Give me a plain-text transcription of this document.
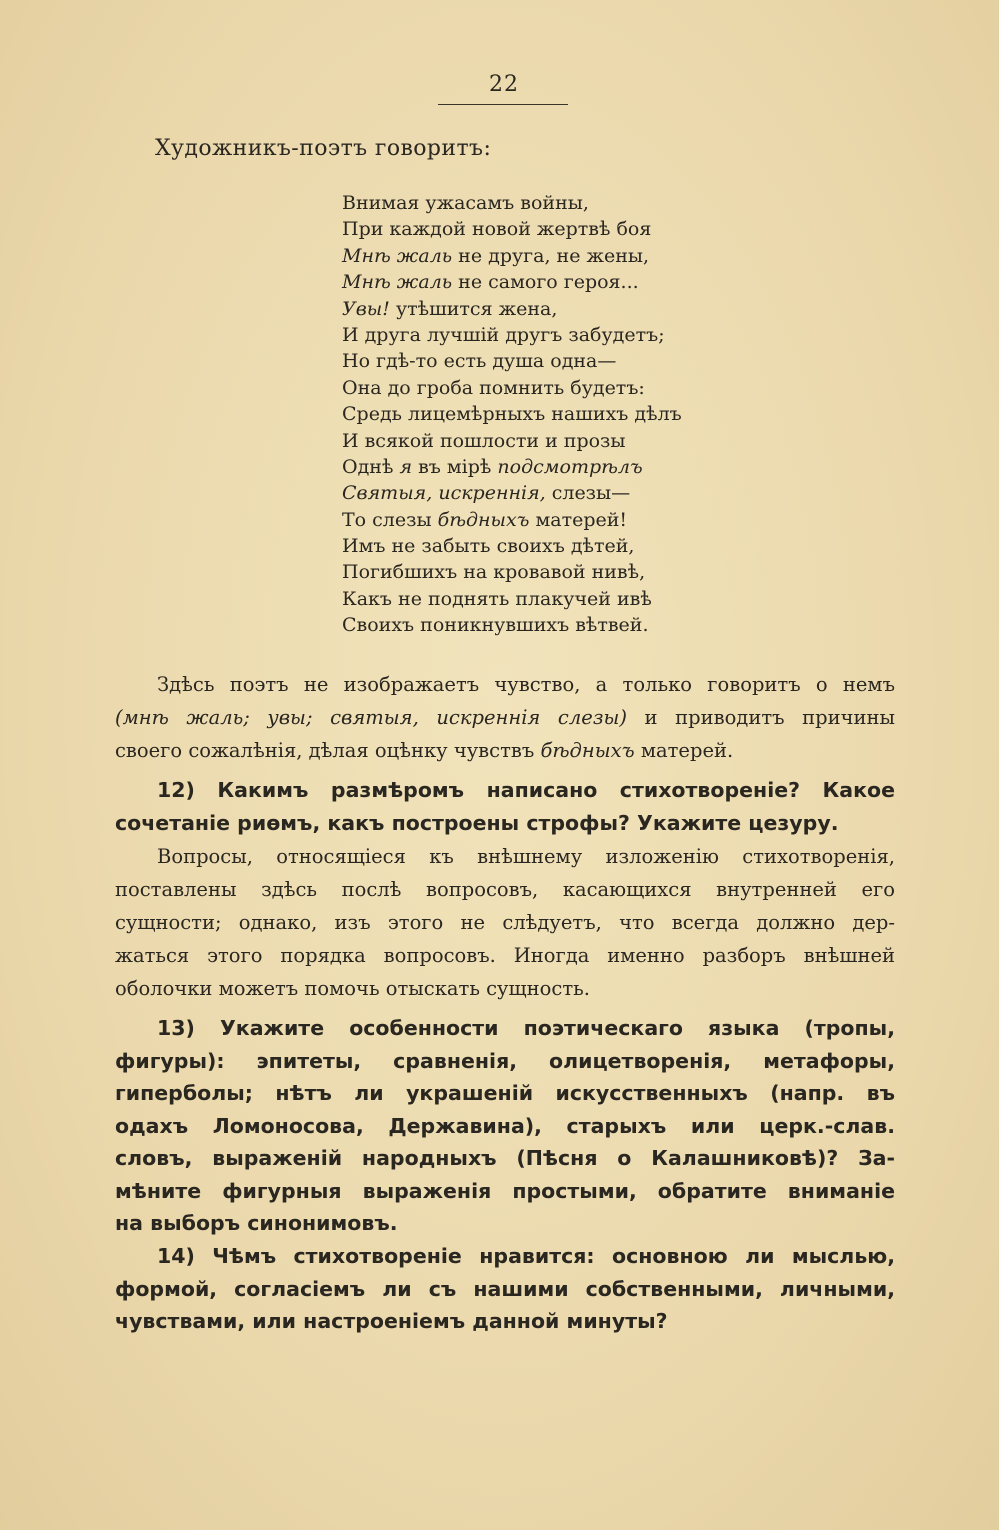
22
Художникъ-поэтъ говоритъ:
Внимая ужасамъ войны,
При каждой новой жертвѣ боя
Мнѣ жаль не друга, не жены,
Мнѣ жаль не самого героя...
Увы! утѣшится жена,
И друга лучшій другъ забудетъ;
Но гдѣ-то есть душа одна—
Она до гроба помнить будетъ:
Средь лицемѣрныхъ нашихъ дѣлъ
И всякой пошлости и прозы
Однѣ я въ мірѣ подсмотрѣлъ
Святыя, искреннія, слезы—
То слезы бѣдныхъ матерей!
Имъ не забыть своихъ дѣтей,
Погибшихъ на кровавой нивѣ,
Какъ не поднять плакучей ивѣ
Своихъ поникнувшихъ вѣтвей.
Здѣсь поэтъ не изображаетъ чувство, а только говоритъ о немъ
(мнѣ жаль; увы; святыя, искреннія слезы) и приводитъ причины
своего сожалѣнія, дѣлая оцѣнку чувствъ бѣдныхъ матерей.
12) Какимъ размѣромъ написано стихотвореніе? Какое
сочетаніе риѳмъ, какъ построены строфы? Укажите цезуру.
Вопросы, относящіеся къ внѣшнему изложенію стихотворенія,
поставлены здѣсь послѣ вопросовъ, касающихся внутренней его
сущности; однако, изъ этого не слѣдуетъ, что всегда должно дер-
жаться этого порядка вопросовъ. Иногда именно разборъ внѣшней
оболочки можетъ помочь отыскать сущность.
13) Укажите особенности поэтическаго языка (тропы,
фигуры): эпитеты, сравненія, олицетворенія, метафоры,
гиперболы; нѣтъ ли украшеній искусственныхъ (напр. въ
одахъ Ломоносова, Державина), старыхъ или церк.-слав.
словъ, выраженій народныхъ (Пѣсня о Калашниковѣ)? За-
мѣните фигурныя выраженія простыми, обратите вниманіе
на выборъ синонимовъ.
14) Чѣмъ стихотвореніе нравится: основною ли мыслью,
формой, согласіемъ ли съ нашими собственными, личными,
чувствами, или настроеніемъ данной минуты?
